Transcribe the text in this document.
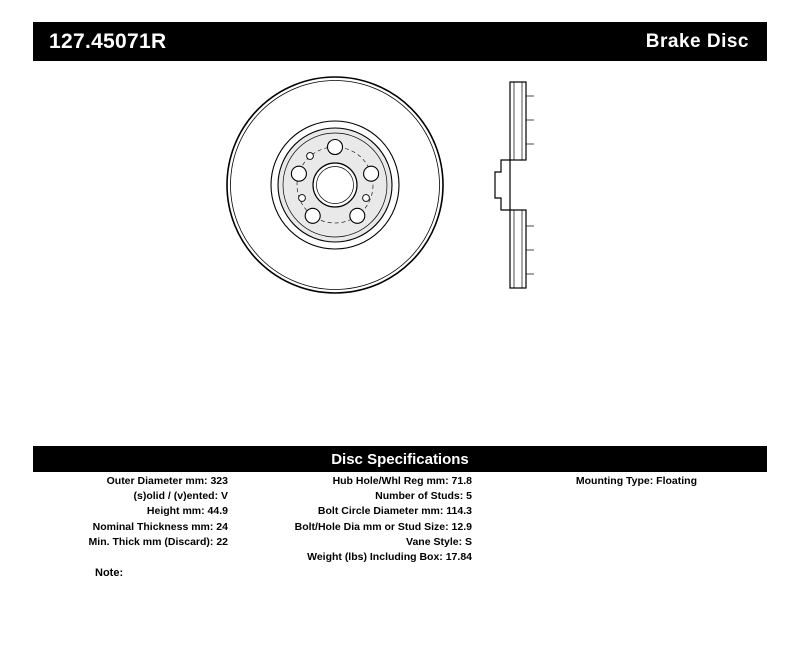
127.45071R	Brake Disc
Disc Specifications
Outer Diameter mm: 323
(s)olid / (v)ented: V
Height mm: 44.9
Nominal Thickness mm: 24
Min. Thick mm (Discard): 22
Hub Hole/Whl Reg mm: 71.8
Number of Studs: 5
Bolt Circle Diameter mm: 114.3
Bolt/Hole Dia mm or Stud Size: 12.9
Vane Style: S
Weight (lbs) Including Box: 17.84
Mounting Type: Floating
Note:
